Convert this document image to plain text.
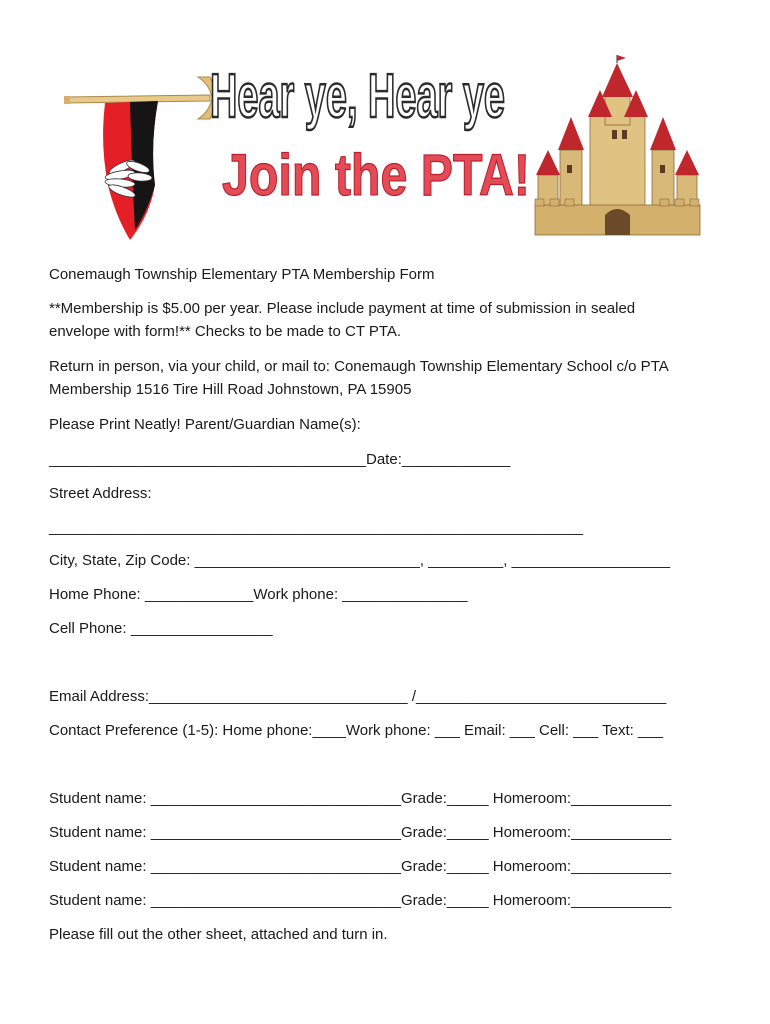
Hear ye, Hear ye
Join the PTA!
Conemaugh Township Elementary PTA Membership Form
**Membership is $5.00 per year. Please include payment at time of submission in sealed
envelope with form!** Checks to be made to CT PTA.
Return in person, via your child, or mail to: Conemaugh Township Elementary School c/o PTA
Membership 1516 Tire Hill Road Johnstown, PA 15905
Please Print Neatly! Parent/Guardian Name(s):
______________________________________Date:_____________
Street Address:
________________________________________________________________
City, State, Zip Code: ___________________________, _________, ___________________
Home Phone: _____________Work phone: _______________
Cell Phone: _________________
Email Address:_______________________________ /______________________________
Contact Preference (1-5): Home phone:____Work phone: ___ Email: ___ Cell: ___ Text: ___
Student name: ______________________________Grade:_____ Homeroom:____________
Student name: ______________________________Grade:_____ Homeroom:____________
Student name: ______________________________Grade:_____ Homeroom:____________
Student name: ______________________________Grade:_____ Homeroom:____________
Please fill out the other sheet, attached and turn in.
